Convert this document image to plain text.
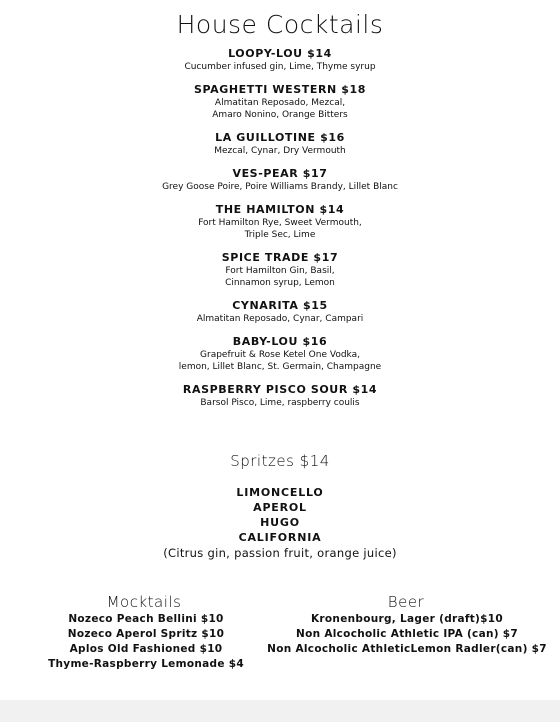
House Cocktails
LOOPY-LOU $14
Cucumber infused gin, Lime, Thyme syrup
SPAGHETTI WESTERN $18
Almatitan Reposado, Mezcal,
Amaro Nonino, Orange Bitters
LA GUILLOTINE $16
Mezcal, Cynar, Dry Vermouth
VES-PEAR $17
Grey Goose Poire, Poire Williams Brandy, Lillet Blanc
THE HAMILTON $14
Fort Hamilton Rye, Sweet Vermouth,
Triple Sec, Lime
SPICE TRADE $17
Fort Hamilton Gin, Basil,
Cinnamon syrup, Lemon
CYNARITA $15
Almatitan Reposado, Cynar, Campari
BABY-LOU $16
Grapefruit & Rose Ketel One Vodka,
lemon, Lillet Blanc, St. Germain, Champagne
RASPBERRY PISCO SOUR $14
Barsol Pisco, Lime, raspberry coulis
Spritzes $14
LIMONCELLO
APEROL
HUGO
CALIFORNIA
(Citrus gin, passion fruit, orange juice)
Mocktails	Beer
Nozeco Peach Bellini $10
Nozeco Aperol Spritz $10
Aplos Old Fashioned $10
Thyme-Raspberry Lemonade $4
Kronenbourg, Lager (draft)$10
Non Alcocholic Athletic IPA (can) $7
Non Alcocholic AthleticLemon Radler(can) $7
